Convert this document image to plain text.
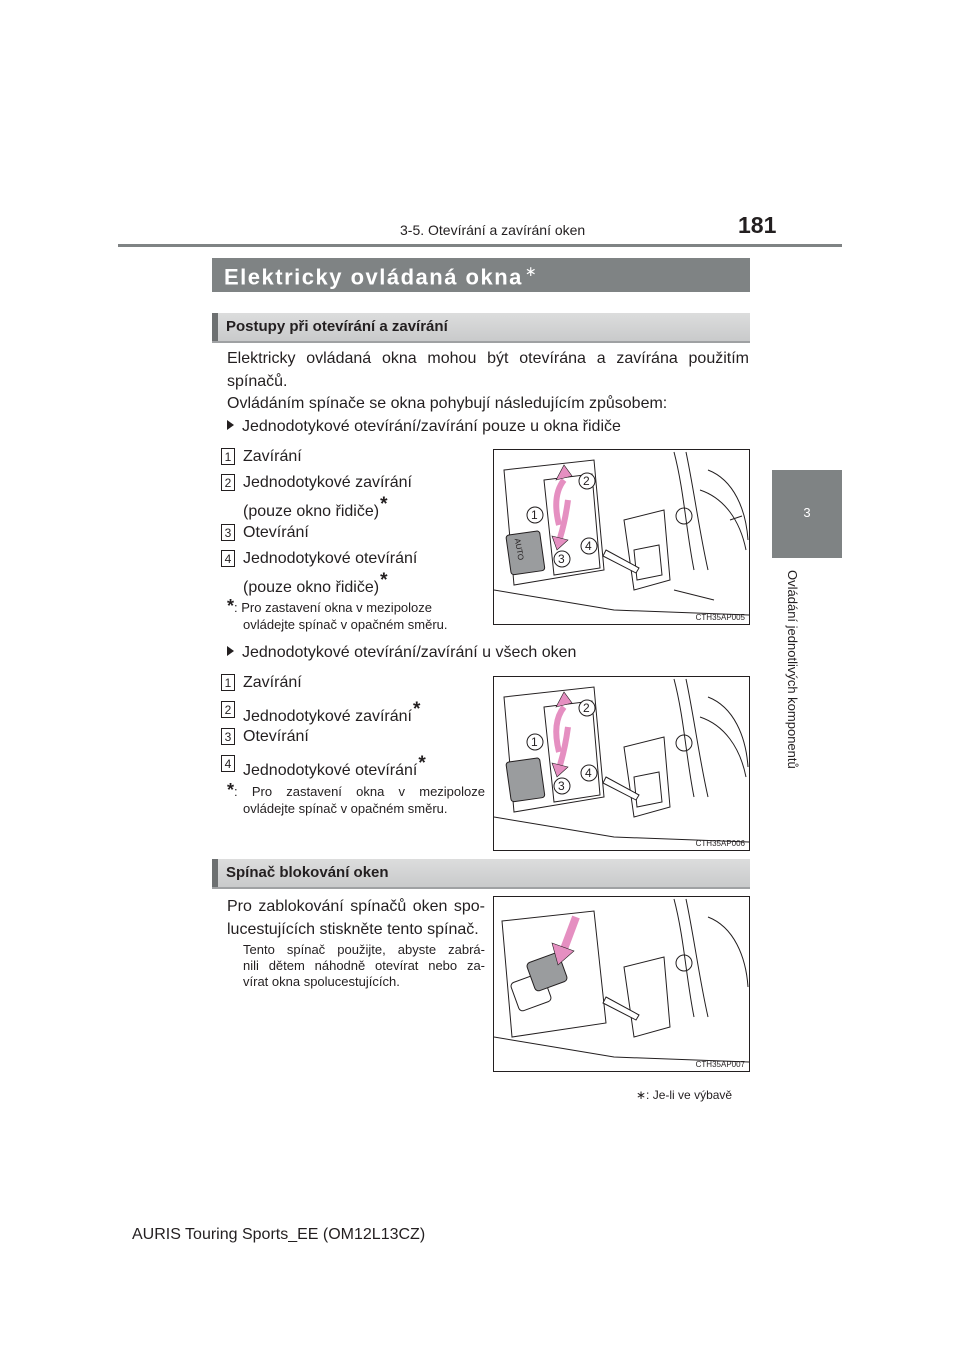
3-5. Otevírání a zavírání oken	181
3
Ovládání jednotlivých komponentů
Elektricky ovládaná okna ∗
Postupy při otevírání a zavírání
Elektricky ovládaná okna mohou být otevírána a zavírána použitím
spínačů.
Ovládáním spínače se okna pohybují následujícím způsobem:
Jednodotykové otevírání/zavírání pouze u okna řidiče
1 Zavírání
2 Jednodotykové zavírání
(pouze okno řidiče)*
3 Otevírání
4 Jednodotykové otevírání
(pouze okno řidiče)*
*: Pro zastavení okna v mezipoloze
ovládejte spínač v opačném směru.
AUTO
1
2
3
4
CTH35AP005
Jednodotykové otevírání/zavírání u všech oken
1 Zavírání
2 Jednodotykové zavírání*
3 Otevírání
4 Jednodotykové otevírání*
*: Pro zastavení okna v mezipoloze
ovládejte spínač v opačném směru.
1
2
3
4
CTH35AP006
Spínač blokování oken
Pro zablokování spínačů oken spo-
lucestujících stiskněte tento spínač.
Tento spínač použijte, abyste zabrá-
nili dětem náhodně otevírat nebo za-
vírat okna spolucestujících.
CTH35AP007
∗: Je-li ve výbavě
AURIS Touring Sports_EE (OM12L13CZ)
